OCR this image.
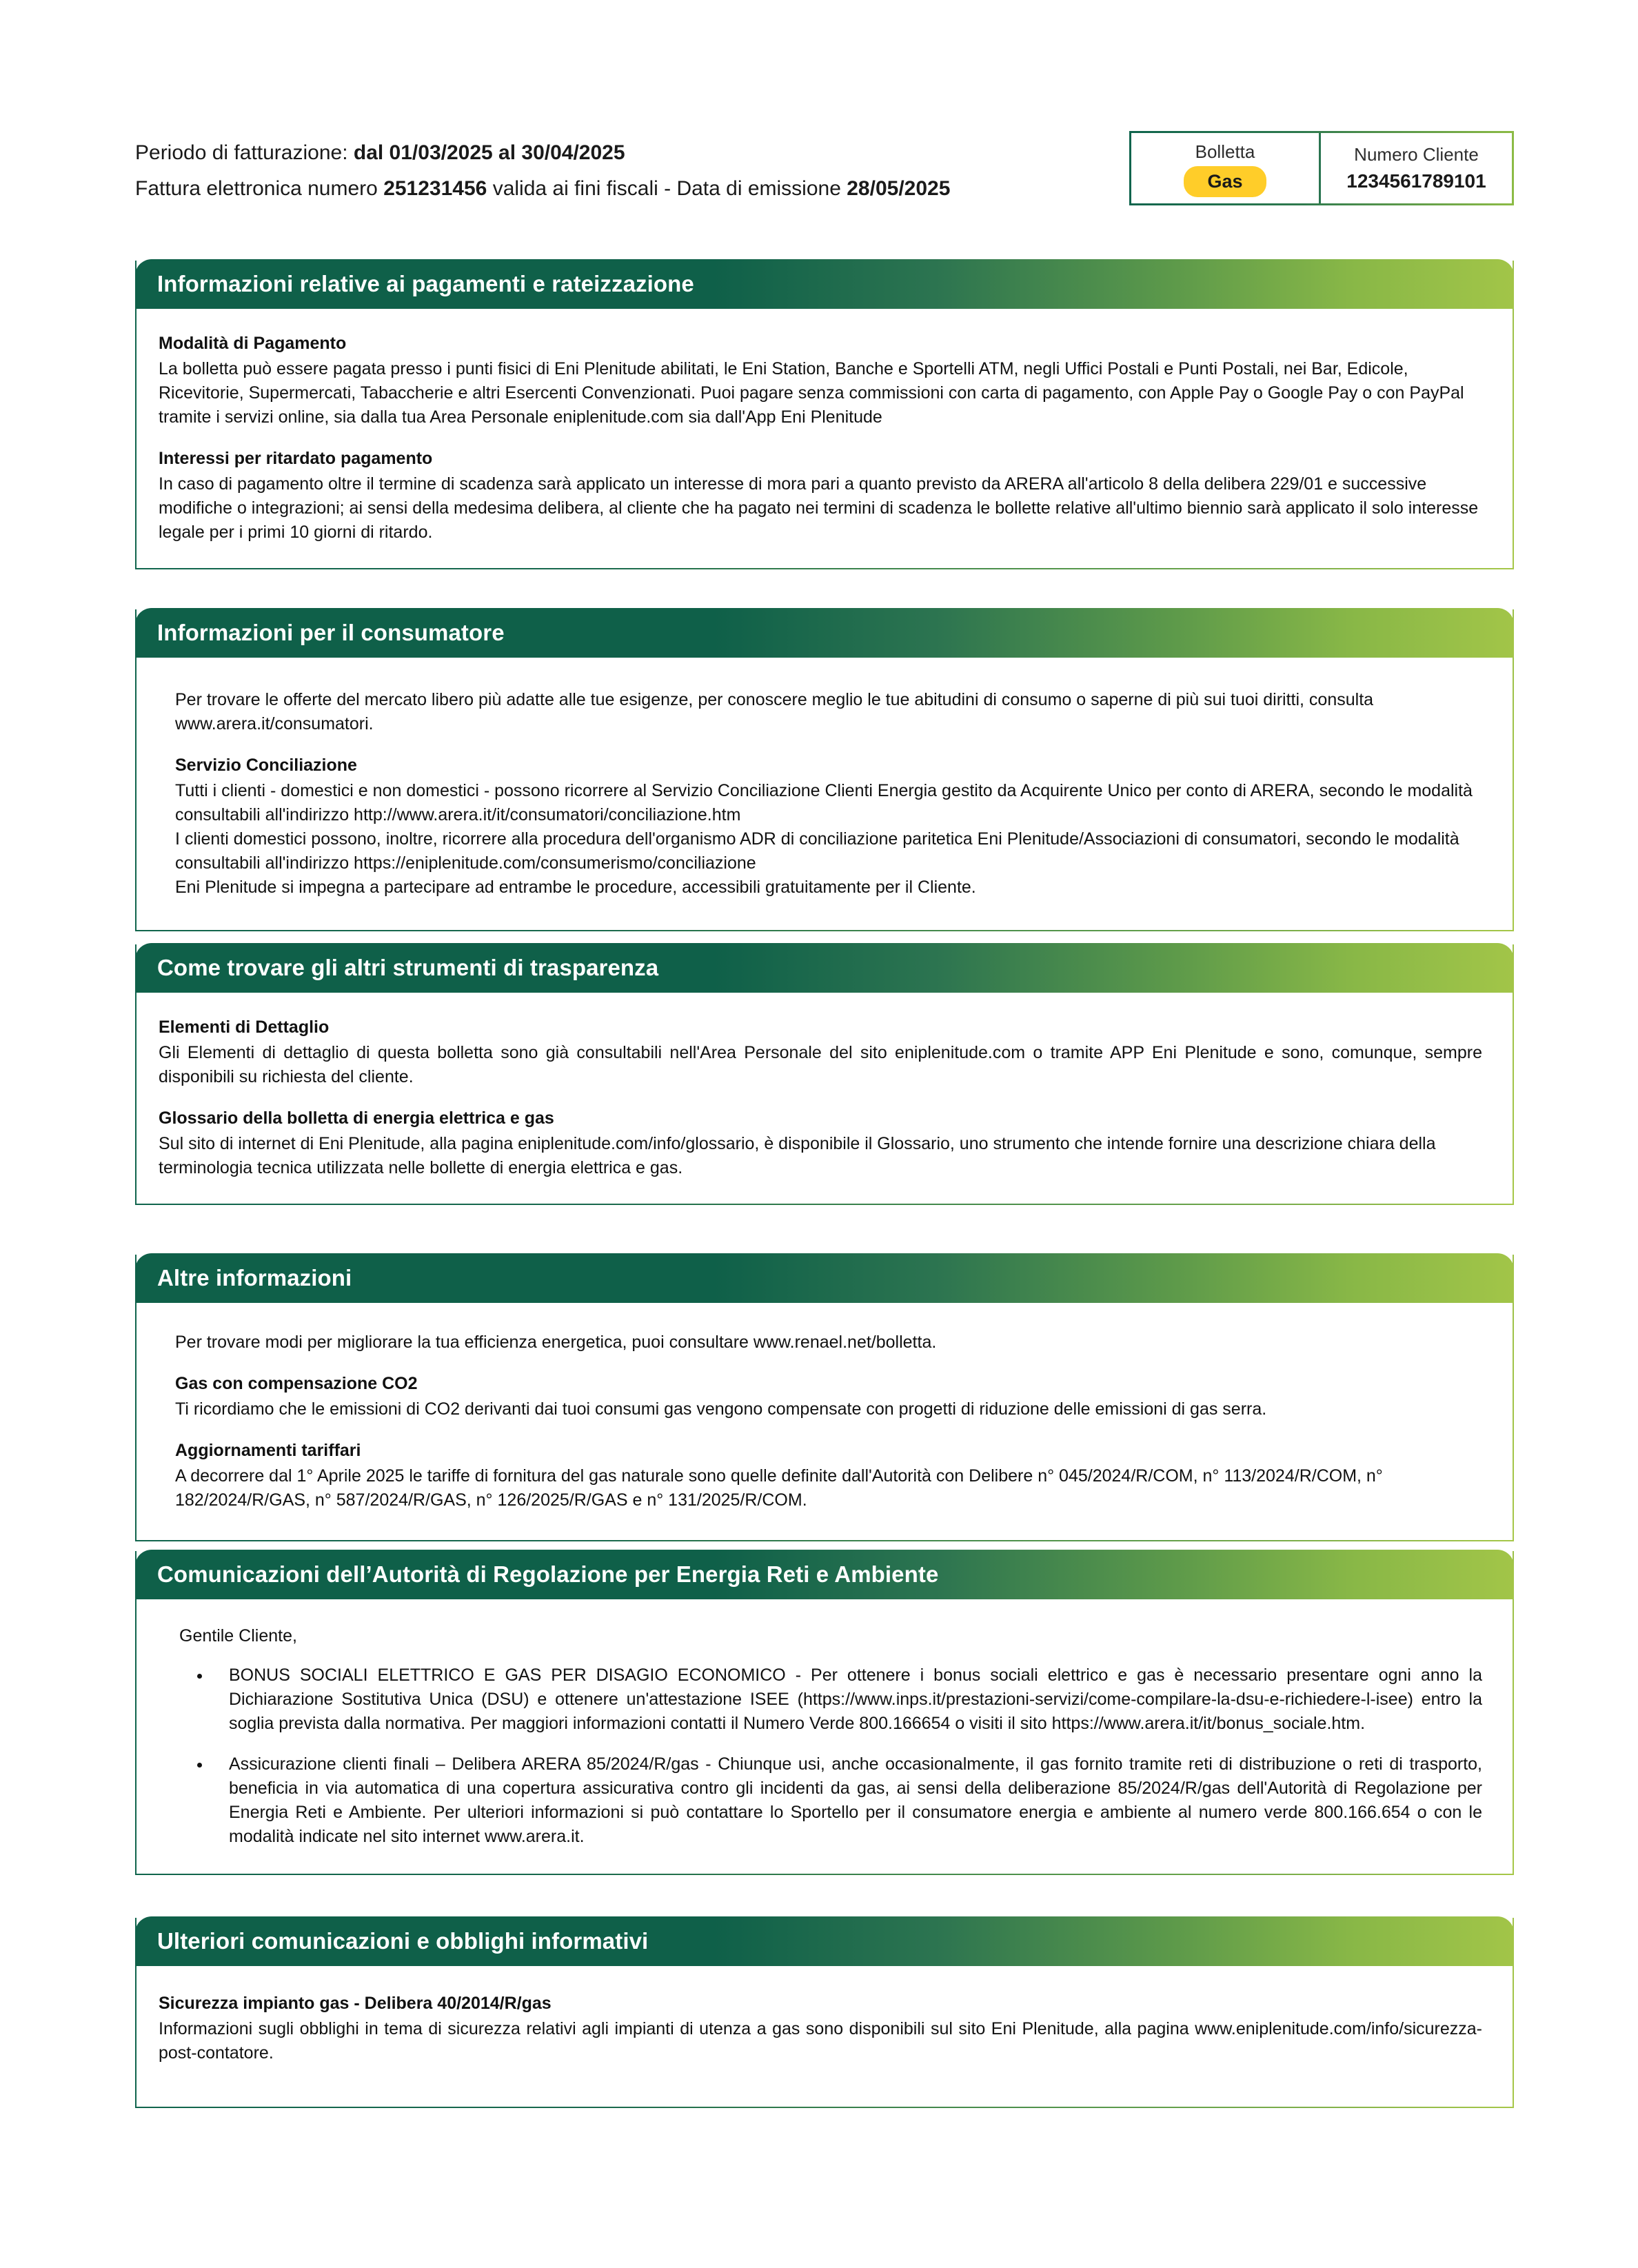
Periodo di fatturazione: dal 01/03/2025 al 30/04/2025
Fattura elettronica numero 251231456 valida ai fini fiscali - Data di emissione 28/05/2025
Bolletta
Gas
Numero Cliente
1234561789101
Informazioni relative ai pagamenti e rateizzazione
Modalità di Pagamento

La bolletta può essere pagata presso i punti fisici di Eni Plenitude abilitati, le Eni Station, Banche e Sportelli ATM, negli Uffici Postali e Punti Postali, nei Bar, Edicole, Ricevitorie, Supermercati, Tabaccherie e altri Esercenti Convenzionati. Puoi pagare senza commissioni con carta di pagamento, con Apple Pay o Google Pay o con PayPal tramite i servizi online, sia dalla tua Area Personale eniplenitude.com sia dall'App Eni Plenitude

Interessi per ritardato pagamento

In caso di pagamento oltre il termine di scadenza sarà applicato un interesse di mora pari a quanto previsto da ARERA all'articolo 8 della delibera 229/01 e successive modifiche o integrazioni; ai sensi della medesima delibera, al cliente che ha pagato nei termini di scadenza le bollette relative all'ultimo biennio sarà applicato il solo interesse legale per i primi 10 giorni di ritardo.

Informazioni per il consumatore

Per trovare le offerte del mercato libero più adatte alle tue esigenze, per conoscere meglio le tue abitudini di consumo o saperne di più sui tuoi diritti, consulta www.arera.it/consumatori.

Servizio Conciliazione

Tutti i clienti - domestici e non domestici - possono ricorrere al Servizio Conciliazione Clienti Energia gestito da Acquirente Unico per conto di ARERA, secondo le modalità consultabili all'indirizzo http://www.arera.it/it/consumatori/conciliazione.htm

I clienti domestici possono, inoltre, ricorrere alla procedura dell'organismo ADR di conciliazione paritetica Eni Plenitude/Associazioni di consumatori, secondo le modalità consultabili all'indirizzo https://eniplenitude.com/consumerismo/conciliazione

Eni Plenitude si impegna a partecipare ad entrambe le procedure, accessibili gratuitamente per il Cliente.

Come trovare gli altri strumenti di trasparenza
Elementi di Dettaglio

Gli Elementi di dettaglio di questa bolletta sono già consultabili nell'Area Personale del sito eniplenitude.com o tramite APP Eni Plenitude e sono, comunque, sempre disponibili su richiesta del cliente.

Glossario della bolletta di energia elettrica e gas

Sul sito di internet di Eni Plenitude, alla pagina eniplenitude.com/info/glossario, è disponibile il Glossario, uno strumento che intende fornire una descrizione chiara della terminologia tecnica utilizzata nelle bollette di energia elettrica e gas.

Altre informazioni

Per trovare modi per migliorare la tua efficienza energetica, puoi consultare www.renael.net/bolletta.

Gas con compensazione CO2

Ti ricordiamo che le emissioni di CO2 derivanti dai tuoi consumi gas vengono compensate con progetti di riduzione delle emissioni di gas serra.

Aggiornamenti tariffari

A decorrere dal 1° Aprile 2025 le tariffe di fornitura del gas naturale sono quelle definite dall'Autorità con Delibere n° 045/2024/R/COM, n° 113/2024/R/COM, n° 182/2024/R/GAS, n° 587/2024/R/GAS, n° 126/2025/R/GAS e n° 131/2025/R/COM.

Comunicazioni dell’Autorità di Regolazione per Energia Reti e Ambiente

Gentile Cliente,

BONUS SOCIALI ELETTRICO E GAS PER DISAGIO ECONOMICO - Per ottenere i bonus sociali elettrico e gas è necessario presentare ogni anno la Dichiarazione Sostitutiva Unica (DSU) e ottenere un'attestazione ISEE (https://www.inps.it/prestazioni-servizi/come-compilare-la-dsu-e-richiedere-l-isee) entro la soglia prevista dalla normativa. Per maggiori informazioni contatti il Numero Verde 800.166654 o visiti il sito https://www.arera.it/it/bonus_sociale.htm.
Assicurazione clienti finali – Delibera ARERA 85/2024/R/gas - Chiunque usi, anche occasionalmente, il gas fornito tramite reti di distribuzione o reti di trasporto, beneficia in via automatica di una copertura assicurativa contro gli incidenti da gas, ai sensi della deliberazione 85/2024/R/gas dell'Autorità di Regolazione per Energia Reti e Ambiente. Per ulteriori informazioni si può contattare lo Sportello per il consumatore energia e ambiente al numero verde 800.166.654 o con le modalità indicate nel sito internet www.arera.it.
Ulteriori comunicazioni e obblighi informativi
Sicurezza impianto gas - Delibera 40/2014/R/gas

Informazioni sugli obblighi in tema di sicurezza relativi agli impianti di utenza a gas sono disponibili sul sito Eni Plenitude, alla pagina www.eniplenitude.com/info/sicurezza-post-contatore.
